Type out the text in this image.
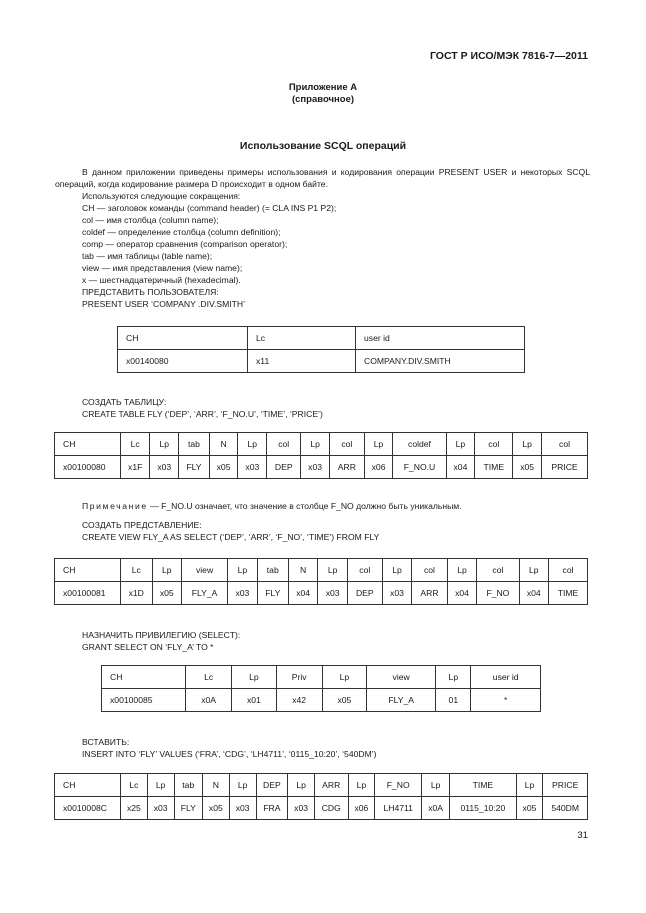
ГОСТ Р ИСО/МЭК 7816-7—2011
Приложение А
(справочное)
Использование SCQL операций

В данном приложении приведены примеры использования и кодирования операции PRESENT USER и некоторых SCQL операций, когда кодирование размера D происходит в одном байте.

Используются следующие сокращения:

CH — заголовок команды (command header) (= CLA INS P1 P2);

col — имя столбца (column name);

coldef — определение столбца (column definition);

comp — оператор сравнения (comparison operator);

tab — имя таблицы (table name);

view — имя представления (view name);

x — шестнадцатеричный (hexadecimal).

ПРЕДСТАВИТЬ ПОЛЬЗОВАТЕЛЯ:

PRESENT USER ‘COMPANY .DIV.SMITH’

CH	Lc	user id
x00140080	x11	COMPANY.DIV.SMITH
СОЗДАТЬ ТАБЛИЦУ:
CREATE TABLE FLY (‘DEP’, ‘ARR’, ‘F_NO.U’, ‘TIME’, ‘PRICE’)
CH	Lc	Lp	tab	N	Lp	col	Lp	col	Lp	coldef	Lp	col	Lp	col
x00100080	x1F	x03	FLY	x05	x03	DEP	x03	ARR	x06	F_NO.U	x04	TIME	x05	PRICE
Примечание — F_NO.U означает, что значение в столбце F_NO должно быть уникальным.
СОЗДАТЬ ПРЕДСТАВЛЕНИЕ:
CREATE VIEW FLY_A AS SELECT (‘DEP’, ‘ARR’, ‘F_NO’, ‘TIME’) FROM FLY
CH	Lc	Lp	view	Lp	tab	N	Lp	col	Lp	col	Lp	col	Lp	col
x00100081	x1D	x05	FLY_A	x03	FLY	x04	x03	DEP	x03	ARR	x04	F_NO	x04	TIME
НАЗНАЧИТЬ ПРИВИЛЕГИЮ (SELECT):
GRANT SELECT ON ‘FLY_A’ TO *
CH	Lc	Lp	Priv	Lp	view	Lp	user id
x00100085	x0A	x01	x42	x05	FLY_A	01	*
ВСТАВИТЬ:
INSERT INTO ‘FLY’ VALUES (‘FRA’, ‘CDG’, ‘LH4711’, ‘0115_10:20’, ‘540DM’)
CH	Lc	Lp	tab	N	Lp	DEP	Lp	ARR	Lp	F_NO	Lp	TIME	Lp	PRICE
x0010008C	x25	x03	FLY	x05	x03	FRA	x03	CDG	x06	LH4711	x0A	0115_10:20	x05	540DM
31
